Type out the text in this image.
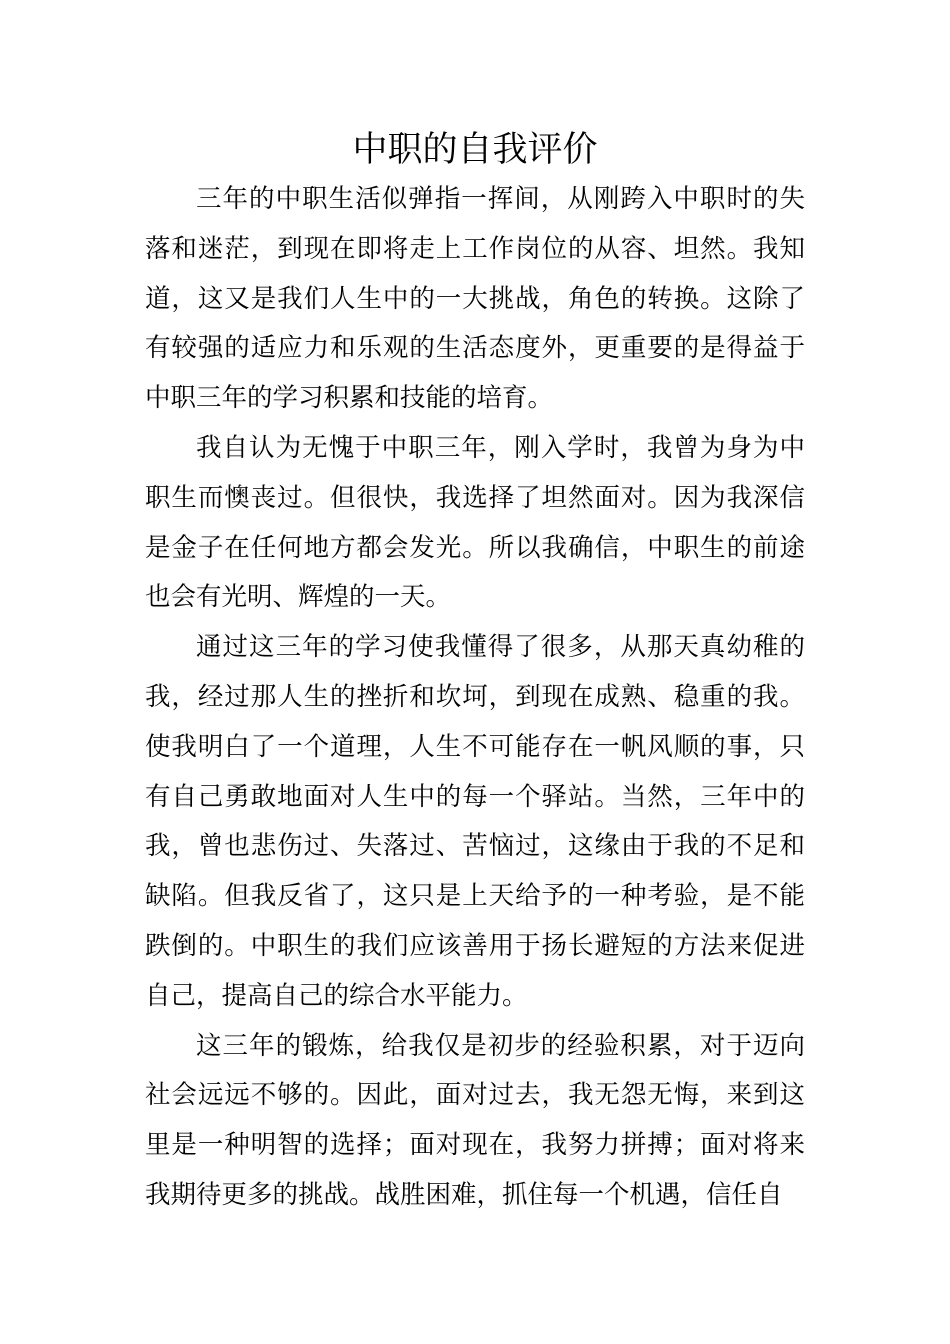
中职的自我评价

三年的中职生活似弹指一挥间，从刚跨入中职时的失落和迷茫，到现在即将走上工作岗位的从容、坦然。我知道，这又是我们人生中的一大挑战，角色的转换。这除了有较强的适应力和乐观的生活态度外，更重要的是得益于中职三年的学习积累和技能的培育。

我自认为无愧于中职三年，刚入学时，我曾为身为中职生而懊丧过。但很快，我选择了坦然面对。因为我深信是金子在任何地方都会发光。所以我确信，中职生的前途也会有光明、辉煌的一天。

通过这三年的学习使我懂得了很多，从那天真幼稚的我，经过那人生的挫折和坎坷，到现在成熟、稳重的我。使我明白了一个道理，人生不可能存在一帆风顺的事，只有自己勇敢地面对人生中的每一个驿站。当然，三年中的我，曾也悲伤过、失落过、苦恼过，这缘由于我的不足和缺陷。但我反省了，这只是上天给予的一种考验，是不能跌倒的。中职生的我们应该善用于扬长避短的方法来促进自己，提高自己的综合水平能力。

这三年的锻炼，给我仅是初步的经验积累，对于迈向社会远远不够的。因此，面对过去，我无怨无悔，来到这里是一种明智的选择；面对现在，我努力拼搏；面对将来我期待更多的挑战。战胜困难，抓住每一个机遇，信任自
